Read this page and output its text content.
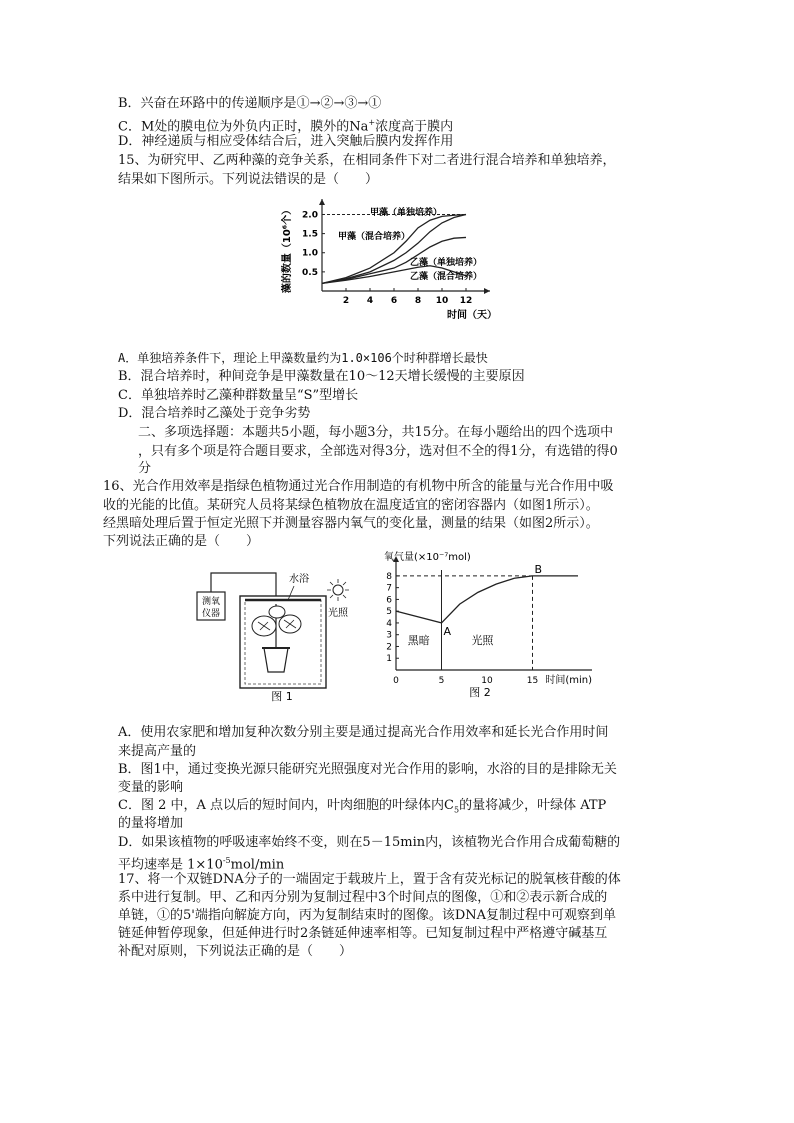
B．兴奋在环路中的传递顺序是①→②→③→①
C．M处的膜电位为外负内正时，膜外的Na+浓度高于膜内
D．神经递质与相应受体结合后，进入突触后膜内发挥作用
15、为研究甲、乙两种藻的竞争关系，在相同条件下对二者进行混合培养和单独培养，
结果如下图所示。下列说法错误的是（　　）
2 4 6 8 10 12
0.5
1.0
1.5
2.0
藻的数量（10⁶个）
时间（天）
甲藻（单独培养）
甲藻（混合培养）
乙藻（单独培养）
乙藻（混合培养）
A．单独培养条件下，理论上甲藻数量约为1.0×106个时种群增长最快
B．混合培养时，种间竞争是甲藻数量在10～12天增长缓慢的主要原因
C．单独培养时乙藻种群数量呈“S”型增长
D．混合培养时乙藻处于竞争劣势
二、多项选择题：本题共5小题，每小题3分，共15分。在每小题给出的四个选项中
，只有多个项是符合题目要求，全部选对得3分，选对但不全的得1分，有选错的得0
分
16、光合作用效率是指绿色植物通过光合作用制造的有机物中所含的能量与光合作用中吸
收的光能的比值。某研究人员将某绿色植物放在温度适宜的密闭容器内（如图1所示）。
经黑暗处理后置于恒定光照下并测量容器内氧气的变化量，测量的结果（如图2所示）。
下列说法正确的是（　　）
测氧
仪器
水浴
光照
图 1
氧气量(×10⁻⁷mol)
时间(min)
1
2
3
4
5
6
7
8
0	5	10	15
A
B
黑暗	光照
图 2
A．使用农家肥和增加复种次数分别主要是通过提高光合作用效率和延长光合作用时间
来提高产量的
B．图1中，通过变换光源只能研究光照强度对光合作用的影响，水浴的目的是排除无关
变量的影响
C．图 2 中，A 点以后的短时间内，叶肉细胞的叶绿体内$C_5$的量将减少，叶绿体 ATP
的量将增加
D．如果该植物的呼吸速率始终不变，则在5－15min内，该植物光合作用合成葡萄糖的
平均速率是 $1\times 10^{-5}mol/\min$
17、将一个双链DNA分子的一端固定于载玻片上，置于含有荧光标记的脱氧核苷酸的体
系中进行复制。甲、乙和丙分别为复制过程中3个时间点的图像，①和②表示新合成的
单链，①的5'端指向解旋方向，丙为复制结束时的图像。该DNA复制过程中可观察到单
链延伸暂停现象，但延伸进行时2条链延伸速率相等。已知复制过程中严格遵守碱基互
补配对原则，下列说法正确的是（　　）
